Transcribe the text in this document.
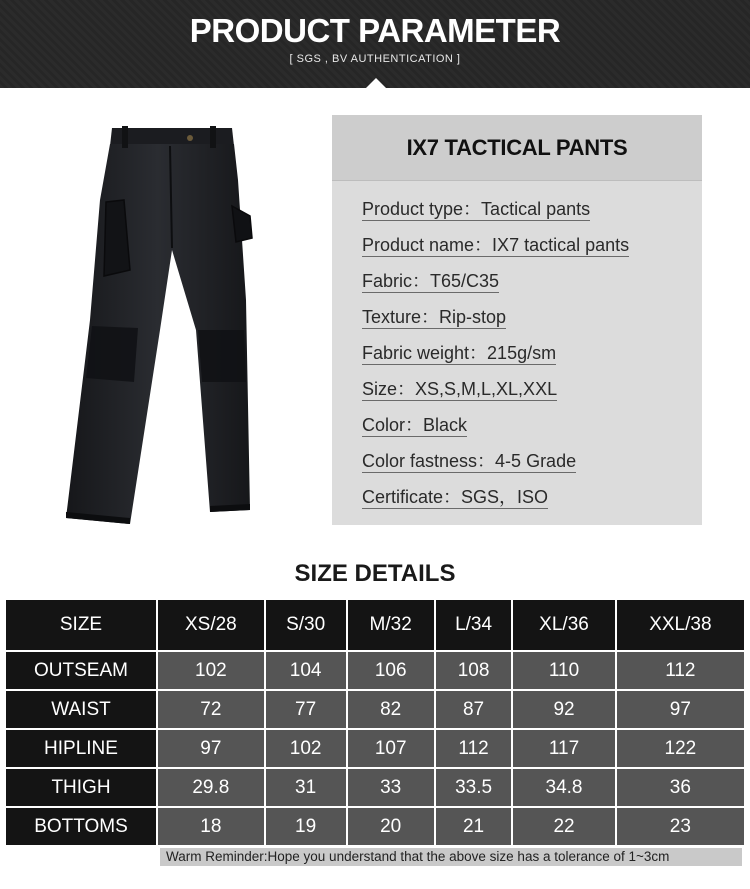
PRODUCT PARAMETER
[ SGS , BV AUTHENTICATION ]
IX7 TACTICAL PANTS
Product type：Tactical pants
Product name：IX7 tactical pants
Fabric：T65/C35
Texture：Rip-stop
Fabric weight：215g/sm
Size：XS,S,M,L,XL,XXL
Color：Black
Color fastness：4-5 Grade
Certificate：SGS，ISO
SIZE DETAILS
SIZE	XS/28	S/30	M/32	L/34	XL/36	XXL/38
OUTSEAM	102	104	106	108	110	112
WAIST	72	77	82	87	92	97
HIPLINE	97	102	107	112	117	122
THIGH	29.8	31	33	33.5	34.8	36
BOTTOMS	18	19	20	21	22	23
Warm Reminder:Hope you understand that the above size has a tolerance of 1~3cm
